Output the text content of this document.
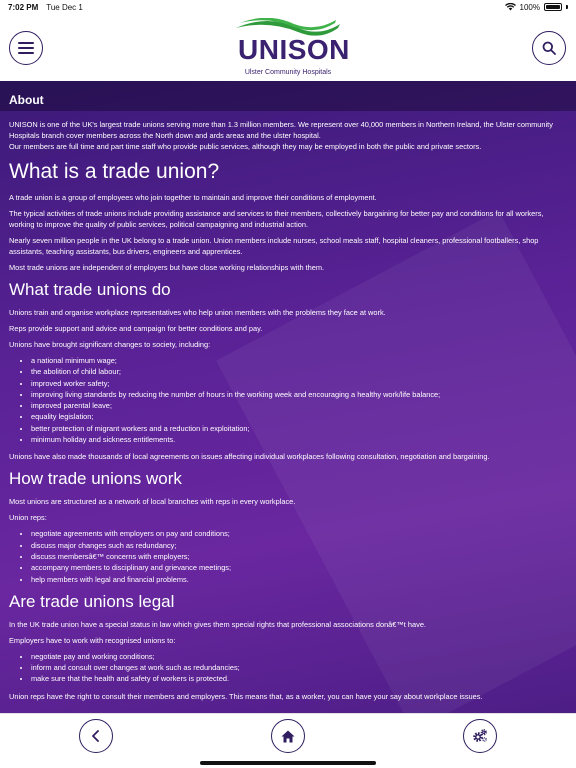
7:02 PM Tue Dec 1	100%
UNISON
Ulster Community Hospitals
About

UNISON is one of the UK's largest trade unions serving more than 1.3 million members. We represent over 40,000 members in Northern Ireland, the Ulster community Hospitals branch cover members across the North down and ards areas and the ulster hospital.

Our members are full time and part time staff who provide public services, although they may be employed in both the public and private sectors.

What is a trade union?

A trade union is a group of employees who join together to maintain and improve their conditions of employment.

The typical activities of trade unions include providing assistance and services to their members, collectively bargaining for better pay and conditions for all workers, working to improve the quality of public services, political campaigning and industrial action.

Nearly seven million people in the UK belong to a trade union. Union members include nurses, school meals staff, hospital cleaners, professional footballers, shop assistants, teaching assistants, bus drivers, engineers and apprentices.

Most trade unions are independent of employers but have close working relationships with them.

What trade unions do

Unions train and organise workplace representatives who help union members with the problems they face at work.

Reps provide support and advice and campaign for better conditions and pay.

Unions have brought significant changes to society, including:

• a national minimum wage;
• the abolition of child labour;
• improved worker safety;
• improving living standards by reducing the number of hours in the working week and encouraging a healthy work/life balance;
• improved parental leave;
• equality legislation;
• better protection of migrant workers and a reduction in exploitation;
• minimum holiday and sickness entitlements.

Unions have also made thousands of local agreements on issues affecting individual workplaces following consultation, negotiation and bargaining.

How trade unions work

Most unions are structured as a network of local branches with reps in every workplace.

Union reps:

• negotiate agreements with employers on pay and conditions;
• discuss major changes such as redundancy;
• discuss membersâ€™ concerns with employers;
• accompany members to disciplinary and grievance meetings;
• help members with legal and financial problems.
Are trade unions legal

In the UK trade union have a special status in law which gives them special rights that professional associations donâ€™t have.

Employers have to work with recognised unions to:

• negotiate pay and working conditions;
• inform and consult over changes at work such as redundancies;
• make sure that the health and safety of workers is protected.

Union reps have the right to consult their members and employers. This means that, as a worker, you can have your say about workplace issues.
